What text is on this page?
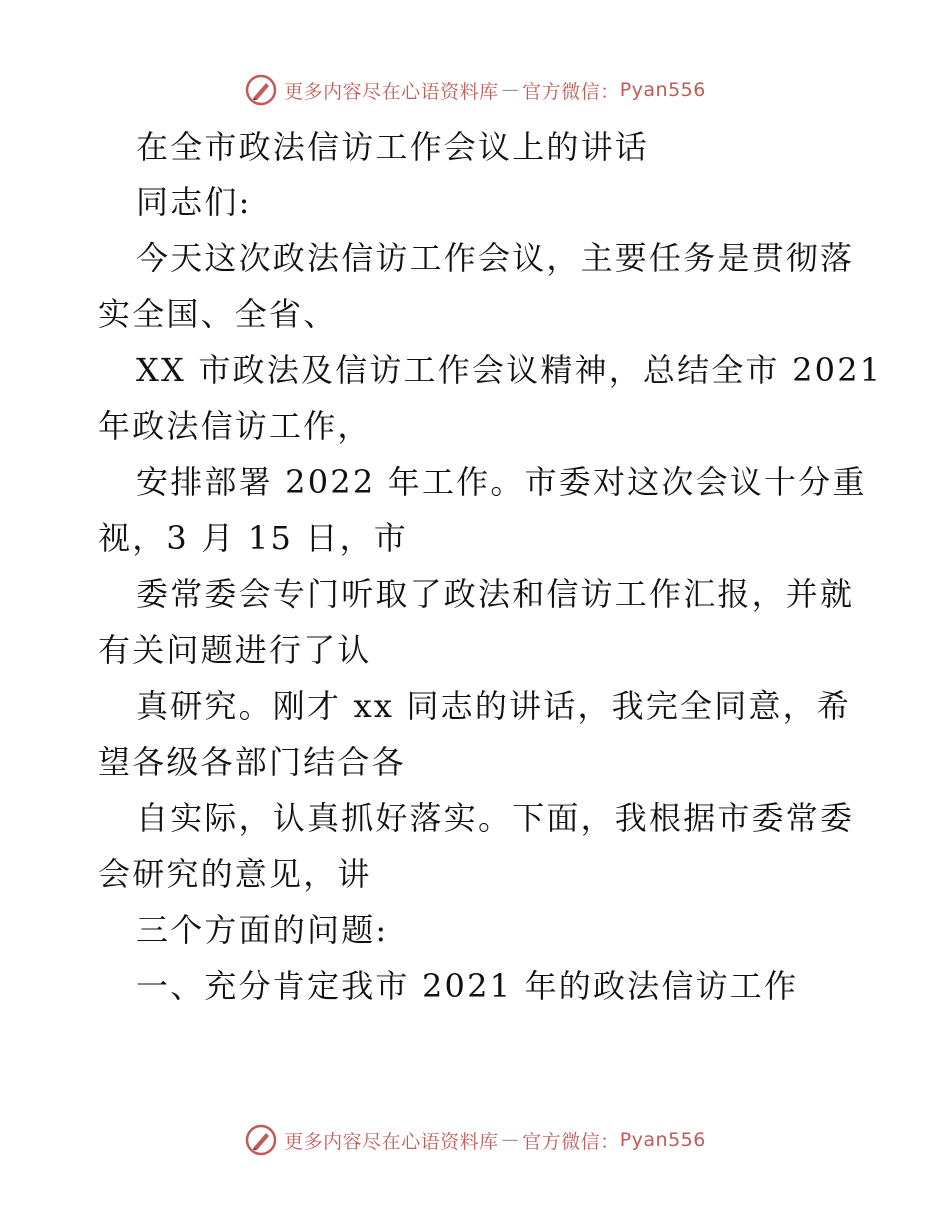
更多内容尽在心语资料库 — 官方微信： Pyan556
在全市政法信访工作会议上的讲话
同志们:
今天这次政法信访工作会议，主要任务是贯彻落
实全国、全省、
XX 市政法及信访工作会议精神，总结全市 2021
年政法信访工作，
安排部署 2022 年工作。市委对这次会议十分重
视，3 月 15 日，市
委常委会专门听取了政法和信访工作汇报，并就
有关问题进行了认
真研究。刚才 xx 同志的讲话，我完全同意，希
望各级各部门结合各
自实际，认真抓好落实。下面，我根据市委常委
会研究的意见，讲
三个方面的问题:
一、充分肯定我市 2021 年的政法信访工作
更多内容尽在心语资料库 — 官方微信： Pyan556
